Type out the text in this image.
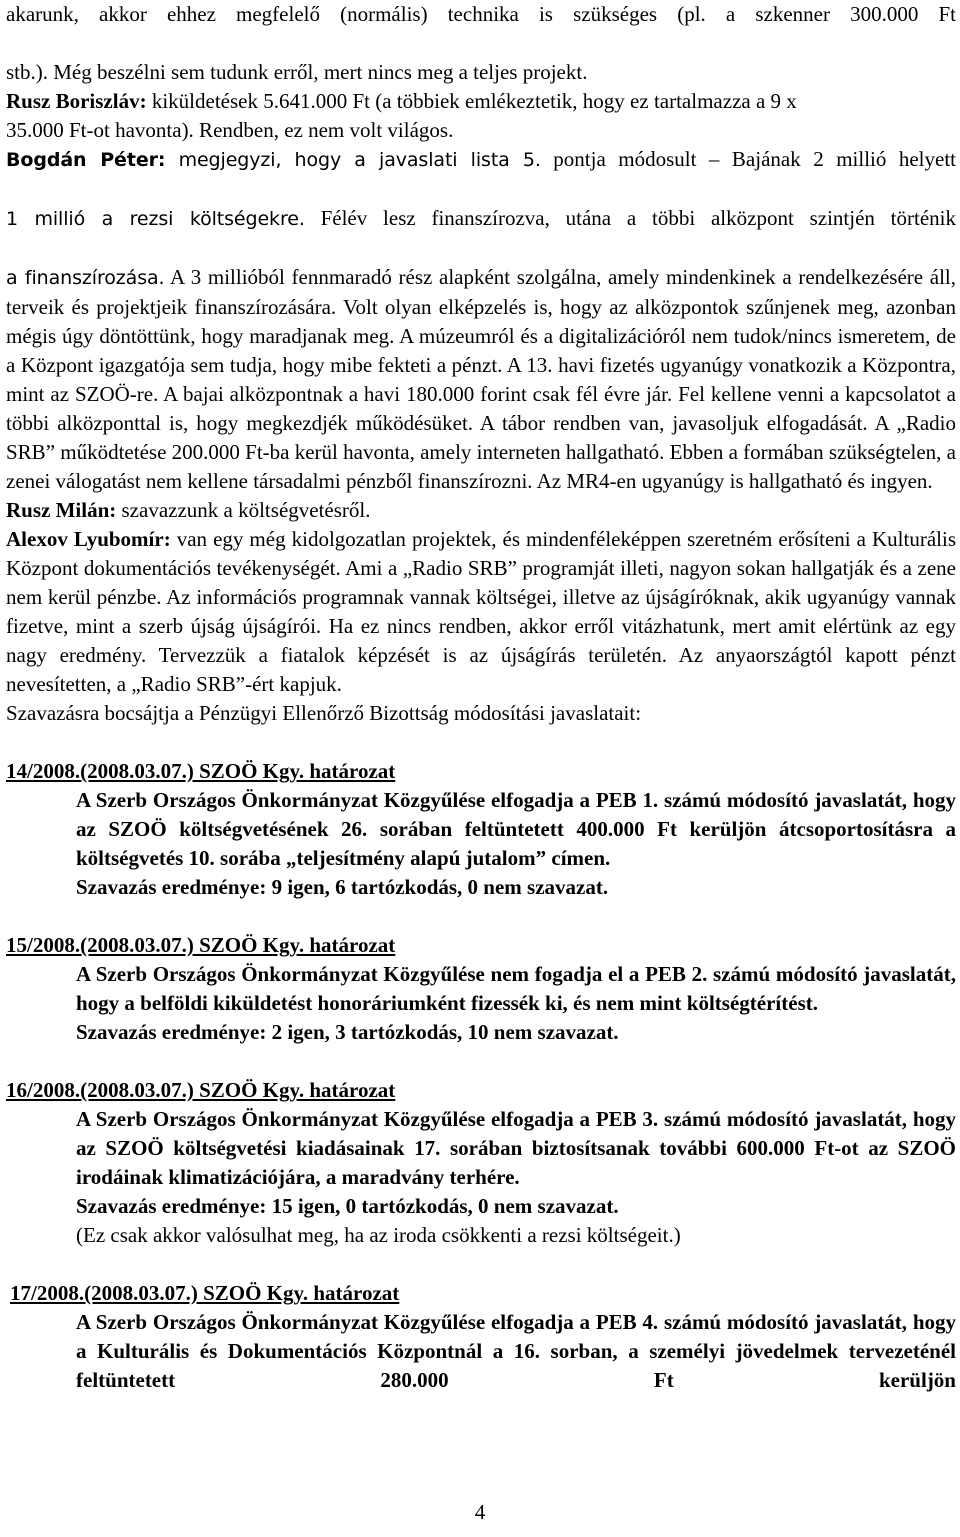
akarunk, akkor ehhez megfelelő (normális) technika is szükséges (pl. a szkenner 300.000 Ft

stb.). Még beszélni sem tudunk erről, mert nincs meg a teljes projekt.

Rusz Boriszláv: kiküldetések 5.641.000 Ft (a többiek emlékeztetik, hogy ez tartalmazza a 9 x

35.000 Ft-ot havonta). Rendben, ez nem volt világos.

Bogdán Péter: megjegyzi, hogy a javaslati lista 5. pontja módosult – Bajának 2 millió helyett

1 millió a rezsi költségekre. Félév lesz finanszírozva, utána a többi alközpont szintjén történik

a finanszírozása. A 3 millióból fennmaradó rész alapként szolgálna, amely mindenkinek a rendelkezésére áll, terveik és projektjeik finanszírozására. Volt olyan elképzelés is, hogy az alközpontok szűnjenek meg, azonban mégis úgy döntöttünk, hogy maradjanak meg. A múzeumról és a digitalizációról nem tudok/nincs ismeretem, de a Központ igazgatója sem tudja, hogy mibe fekteti a pénzt. A 13. havi fizetés ugyanúgy vonatkozik a Központra, mint az SZOÖ-re. A bajai alközpontnak a havi 180.000 forint csak fél évre jár. Fel kellene venni a kapcsolatot a többi alközponttal is, hogy megkezdjék működésüket. A tábor rendben van, javasoljuk elfogadását. A „Radio SRB” működtetése 200.000 Ft-ba kerül havonta, amely interneten hallgatható. Ebben a formában szükségtelen, a zenei válogatást nem kellene társadalmi pénzből finanszírozni. Az MR4-en ugyanúgy is hallgatható és ingyen.

Rusz Milán: szavazzunk a költségvetésről.

Alexov Lyubomír: van egy még kidolgozatlan projektek, és mindenféleképpen szeretném erősíteni a Kulturális Központ dokumentációs tevékenységét. Ami a „Radio SRB” programját illeti, nagyon sokan hallgatják és a zene nem kerül pénzbe. Az információs programnak vannak költségei, illetve az újságíróknak, akik ugyanúgy vannak fizetve, mint a szerb újság újságírói. Ha ez nincs rendben, akkor erről vitázhatunk, mert amit elértünk az egy nagy eredmény. Tervezzük a fiatalok képzését is az újságírás területén. Az anyaországtól kapott pénzt nevesítetten, a „Radio SRB”-ért kapjuk.

Szavazásra bocsájtja a Pénzügyi Ellenőrző Bizottság módosítási javaslatait:

14/2008.(2008.03.07.) SZOÖ Kgy. határozat

A Szerb Országos Önkormányzat Közgyűlése elfogadja a PEB 1. számú módosító javaslatát, hogy az SZOÖ költségvetésének 26. sorában feltüntetett 400.000 Ft kerüljön átcsoportosításra a költségvetés 10. sorába „teljesítmény alapú jutalom” címen.

Szavazás eredménye: 9 igen, 6 tartózkodás, 0 nem szavazat.

15/2008.(2008.03.07.) SZOÖ Kgy. határozat

A Szerb Országos Önkormányzat Közgyűlése nem fogadja el a PEB 2. számú módosító javaslatát, hogy a belföldi kiküldetést honoráriumként fizessék ki, és nem mint költségtérítést.

Szavazás eredménye: 2 igen, 3 tartózkodás, 10 nem szavazat.

16/2008.(2008.03.07.) SZOÖ Kgy. határozat

A Szerb Országos Önkormányzat Közgyűlése elfogadja a PEB 3. számú módosító javaslatát, hogy az SZOÖ költségvetési kiadásainak 17. sorában biztosítsanak további 600.000 Ft-ot az SZOÖ irodáinak klimatizációjára, a maradvány terhére.

Szavazás eredménye: 15 igen, 0 tartózkodás, 0 nem szavazat.

(Ez csak akkor valósulhat meg, ha az iroda csökkenti a rezsi költségeit.)

17/2008.(2008.03.07.) SZOÖ Kgy. határozat

A Szerb Országos Önkormányzat Közgyűlése elfogadja a PEB 4. számú módosító javaslatát, hogy a Kulturális és Dokumentációs Központnál a 16. sorban, a személyi jövedelmek tervezeténél feltüntetett 280.000 Ft kerüljön

4
